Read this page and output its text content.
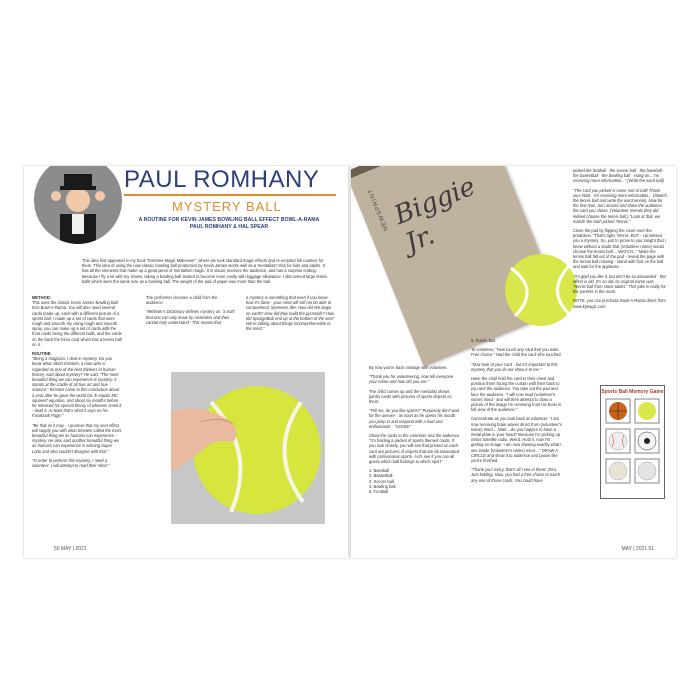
PAUL ROMHANY
MYSTERY BALL
A ROUTINE FOR KEVIN JAMES BOWLING BALL EFFECT BOWL-A-RAMA
PAUL ROMHANY & HAL SPEAR
This idea first appeared in my book "Extreme Magic Makeover", where we took standard magic effects and re-scripted full routines for them. This idea of using the now classic bowling ball production by Kevin James works well as a 'mentalism' trick for kids and adults. It has all the elements that make up a great piece of mentalism magic. It is visual, involves the audience, and has a surprise ending. Because I fly a lot with my shows, taking a bowling ball started to become more costly with luggage allowance. I discovered large tennis balls which were the same size as a bowling ball. The weight of the pad of paper was more than the ball.
METHOD:
This uses the classic Kevin James Bowling Ball trick Bowl-A-Rama. You will also need several cards made up, each with a different picture of a sports ball. I made up a set of cards that were rough and smooth. By using rough and smooth spray, you can make up a set of cards with the front cards being the different balls, and the cards on the back the force card which has a tennis ball on it.
ROUTINE:
"Being a magician, I deal in mystery. Do you know what Albert Einstein, a man who is regarded as one of the best thinkers in human history, said about mystery? He said, "The most beautiful thing we can experience is mystery. It stands at the cradle of all true art and true science." Einstein came to this conclusion about a year after he gave the world his 'E equals MC squared' equation, and about six months before he released his special theory of whoever smelt it - dealt it. At least that's what it says on his Facebook Page."
"Be that as it may - I promise that my next effect will supply you with what Einstein called the most beautiful thing we as humans can experience -- mystery. He also said another beautiful thing we as humans can experience is winning Super Lotto and who couldn't disagree with that."
"In order to perform this mystery, I need a volunteer. I will attempt to read their mind."
The performer chooses a child from the audience.
"Webster's Dictionary defines mystery as; 'a truth that one can only know by revelation and then cannot truly understand.' This means that
a mystery is something that even if you know how it's done - your mind will still not be able to comprehend. Mysteries like; How did We begin on earth? How did they build the pyramids? How did SpongeBob end up at the bottom of the sea? We're talking about things incomprehensible to the mind."
50 MAY | 2021
Biggie Jr.
NEWSPRINT
By now you're back onstage with volunteer.
"Thank you for volunteering, now tell everyone your name and how old you are."
The child comes up and the mentalist shows jumbo cards with pictures of sports objects on them:
"Tell me, do you like sports?" Purposely don't wait for the answer - as soon as he opens his mouth you jump in and respond with a loud and enthusiastic - "GOOD!"
Show the cards to the volunteer and the audience. "I'm holding a packet of sports themed cards. If you look closely, you will see that printed on each card are pictures of objects that are all associated with professional sports - let's see if you can all guess which ball belongs to which sport"
1. Baseball
2. Basketball.
3. Soccer ball.
4. Bowling ball.
5. Football
6. Tennis Ball
To volunteer, "Now touch any card that you want. Free choice." Had the child the card s/he touched.
"Now look at your card - but it's important to this mystery that you do not show it to me."
Have the child hold the card to their chest and position them facing the curtain with their back to you and the audience. You take out the pad and face the audience. "I will now read (volunteer's name) mind - and will then attempt to draw a picture of the image I'm receiving from his brain in full view of the audience."
Concentrate as you look back at volunteer. "I am now receiving brain waves direct from (volunteer's name) mind.... Wait ...do you happen to have a metal plate in your head? Because I'm picking up Sirius Satellite radio. Weird. Hold it, now I'm getting an image. I am now drawing exactly what I see inside (Volunteer's name) mind...." DRAW A CIRCLE and show it to audience and pause like you're finished.
"Thank you! Sorry, that's all I see in there! Zero. Just kidding. Now, you had a free choice to touch any one of those cards. You could have
picked the football - the soccer ball - the baseball - the basketball - the bowling ball - Hang on....I'm receiving more information..." (Write the word ball)
"The card you picked is some sort of ball! Thank you! Wait - I'm receiving more information... (Sketch the tennis ball and write the word tennis). Now for the first time, turn around and show the audience the card you chose. (Volunteer reveals they did indeed choose the tennis ball.) "Look at that, we match! We both picked Tennis."
Close the pad by flipping the cover over the prediction. "That's right, Tennis. BUT - I promised you a mystery. So, just to prove to you tonight that I knew without a doubt that (Volunteer name) would choose the tennis ball.... WATCH..." Make the tennis ball fall out of the pad - reveal the page with the tennis ball missing - stand with foot on the ball and wait for the applause.
"I'm glad you like it, but don't be so astounded - this effect is old. It's so old, its original name was 'Tennis ball from stone tablet." This joke is really for the parents in the room.
NOTE: you can purchase Bowl-A-Rama direct from www.kjmagic.com
Sports Ball Memory Game
MAY | 2021 51
